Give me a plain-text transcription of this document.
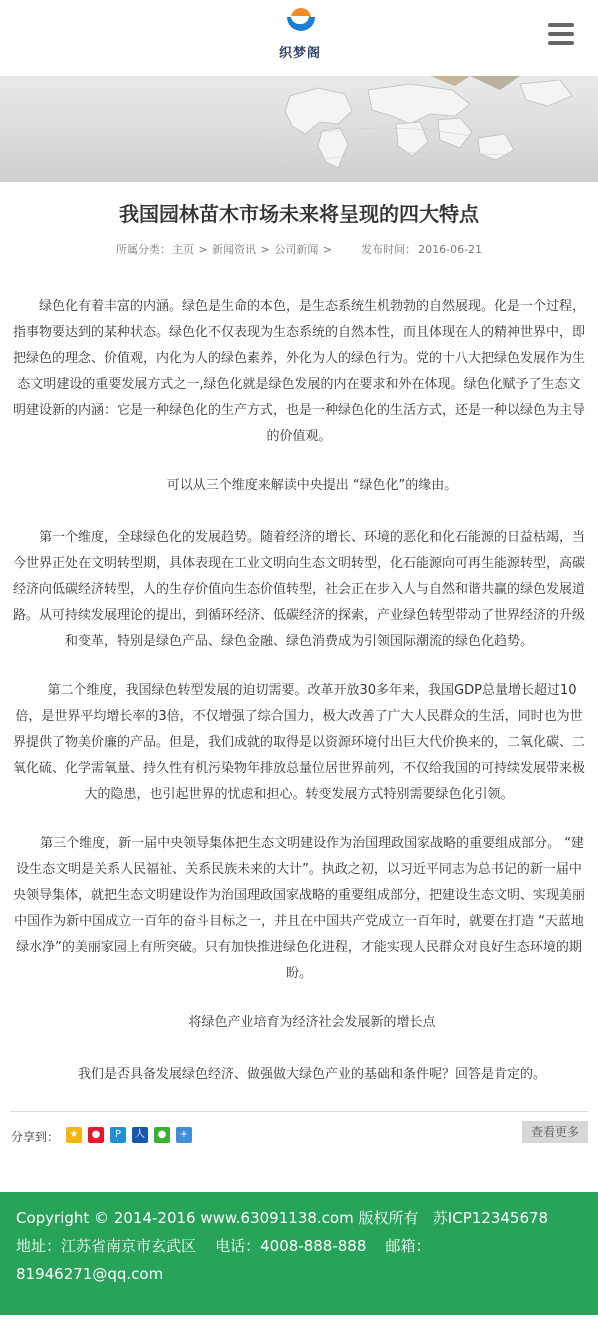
织梦阁
我国园林苗木市场未来将呈现的四大特点
所属分类：主页 > 新闻资讯 > 公司新闻 >	发布时间： 2016-06-21

绿色化有着丰富的内涵。绿色是生命的本色，是生态系统生机勃勃的自然展现。化是一个过程，指事物要达到的某种状态。绿色化不仅表现为生态系统的自然本性，而且体现在人的精神世界中，即把绿色的理念、价值观，内化为人的绿色素养，外化为人的绿色行为。党的十八大把绿色发展作为生态文明建设的重要发展方式之一,绿色化就是绿色发展的内在要求和外在体现。绿色化赋予了生态文明建设新的内涵：它是一种绿色化的生产方式，也是一种绿色化的生活方式，还是一种以绿色为主导的价值观。

可以从三个维度来解读中央提出 “绿色化”的缘由。

第一个维度，全球绿色化的发展趋势。随着经济的增长、环境的恶化和化石能源的日益枯竭，当今世界正处在文明转型期，具体表现在工业文明向生态文明转型，化石能源向可再生能源转型，高碳经济向低碳经济转型，人的生存价值向生态价值转型，社会正在步入人与自然和谐共赢的绿色发展道路。从可持续发展理论的提出，到循环经济、低碳经济的探索，产业绿色转型带动了世界经济的升级和变革，特别是绿色产品、绿色金融、绿色消费成为引领国际潮流的绿色化趋势。

第二个维度，我国绿色转型发展的迫切需要。改革开放30多年来，我国GDP总量增长超过10倍，是世界平均增长率的3倍，不仅增强了综合国力，极大改善了广大人民群众的生活，同时也为世界提供了物美价廉的产品。但是，我们成就的取得是以资源环境付出巨大代价换来的，二氧化碳、二氧化硫、化学需氧量、持久性有机污染物年排放总量位居世界前列，不仅给我国的可持续发展带来极大的隐患，也引起世界的忧虑和担心。转变发展方式特别需要绿色化引领。

第三个维度，新一届中央领导集体把生态文明建设作为治国理政国家战略的重要组成部分。 “建设生态文明是关系人民福祉、关系民族未来的大计”。执政之初，以习近平同志为总书记的新一届中央领导集体，就把生态文明建设作为治国理政国家战略的重要组成部分，把建设生态文明、实现美丽中国作为新中国成立一百年的奋斗目标之一，并且在中国共产党成立一百年时，就要在打造 “天蓝地绿水净”的美丽家园上有所突破。只有加快推进绿色化进程，才能实现人民群众对良好生态环境的期盼。

将绿色产业培育为经济社会发展新的增长点

我们是否具备发展绿色经济、做强做大绿色产业的基础和条件呢？回答是肯定的。

分享到：	★	●	P	人	●	+	查看更多
Copyright © 2014-2016 www.63091138.com 版权所有 苏ICP12345678
地址：江苏省南京市玄武区 电话：4008-888-888 邮箱：
81946271@qq.com
